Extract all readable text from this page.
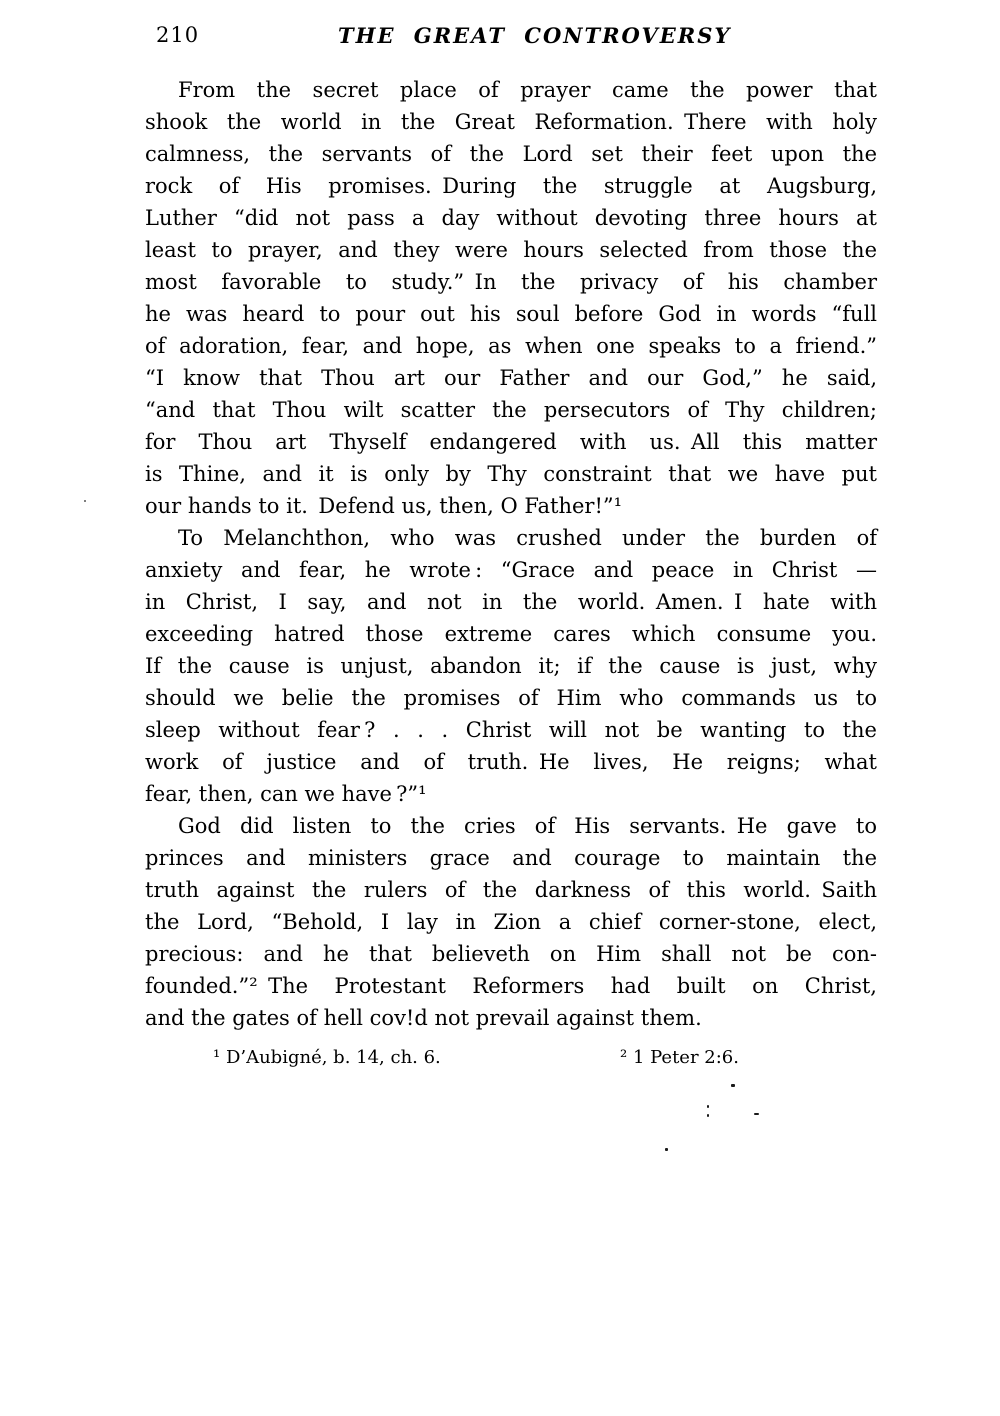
210	THE GREAT CONTROVERSY
From the secret place of prayer came the power that
shook the world in the Great Reformation. There with holy
calmness, the servants of the Lord set their feet upon the
rock of His promises. During the struggle at Augsburg,
Luther “did not pass a day without devoting three hours at
least to prayer, and they were hours selected from those the
most favorable to study.” In the privacy of his chamber
he was heard to pour out his soul before God in words “full
of adoration, fear, and hope, as when one speaks to a friend.”
“I know that Thou art our Father and our God,” he said,
“and that Thou wilt scatter the persecutors of Thy children;
for Thou art Thyself endangered with us. All this matter
is Thine, and it is only by Thy constraint that we have put
our hands to it. Defend us, then, O Father!”¹
To Melanchthon, who was crushed under the burden of
anxiety and fear, he wrote : “Grace and peace in Christ —
in Christ, I say, and not in the world. Amen. I hate with
exceeding hatred those extreme cares which consume you.
If the cause is unjust, abandon it; if the cause is just, why
should we belie the promises of Him who commands us to
sleep without fear ? . . . Christ will not be wanting to the
work of justice and of truth. He lives, He reigns; what
fear, then, can we have ?”¹
God did listen to the cries of His servants. He gave to
princes and ministers grace and courage to maintain the
truth against the rulers of the darkness of this world. Saith
the Lord, “Behold, I lay in Zion a chief corner-stone, elect,
precious: and he that believeth on Him shall not be con-
founded.”² The Protestant Reformers had built on Christ,
and the gates of hell cov!d not prevail against them.
¹ D’Aubigné, b. 14, ch. 6.	² 1 Peter 2:6.
